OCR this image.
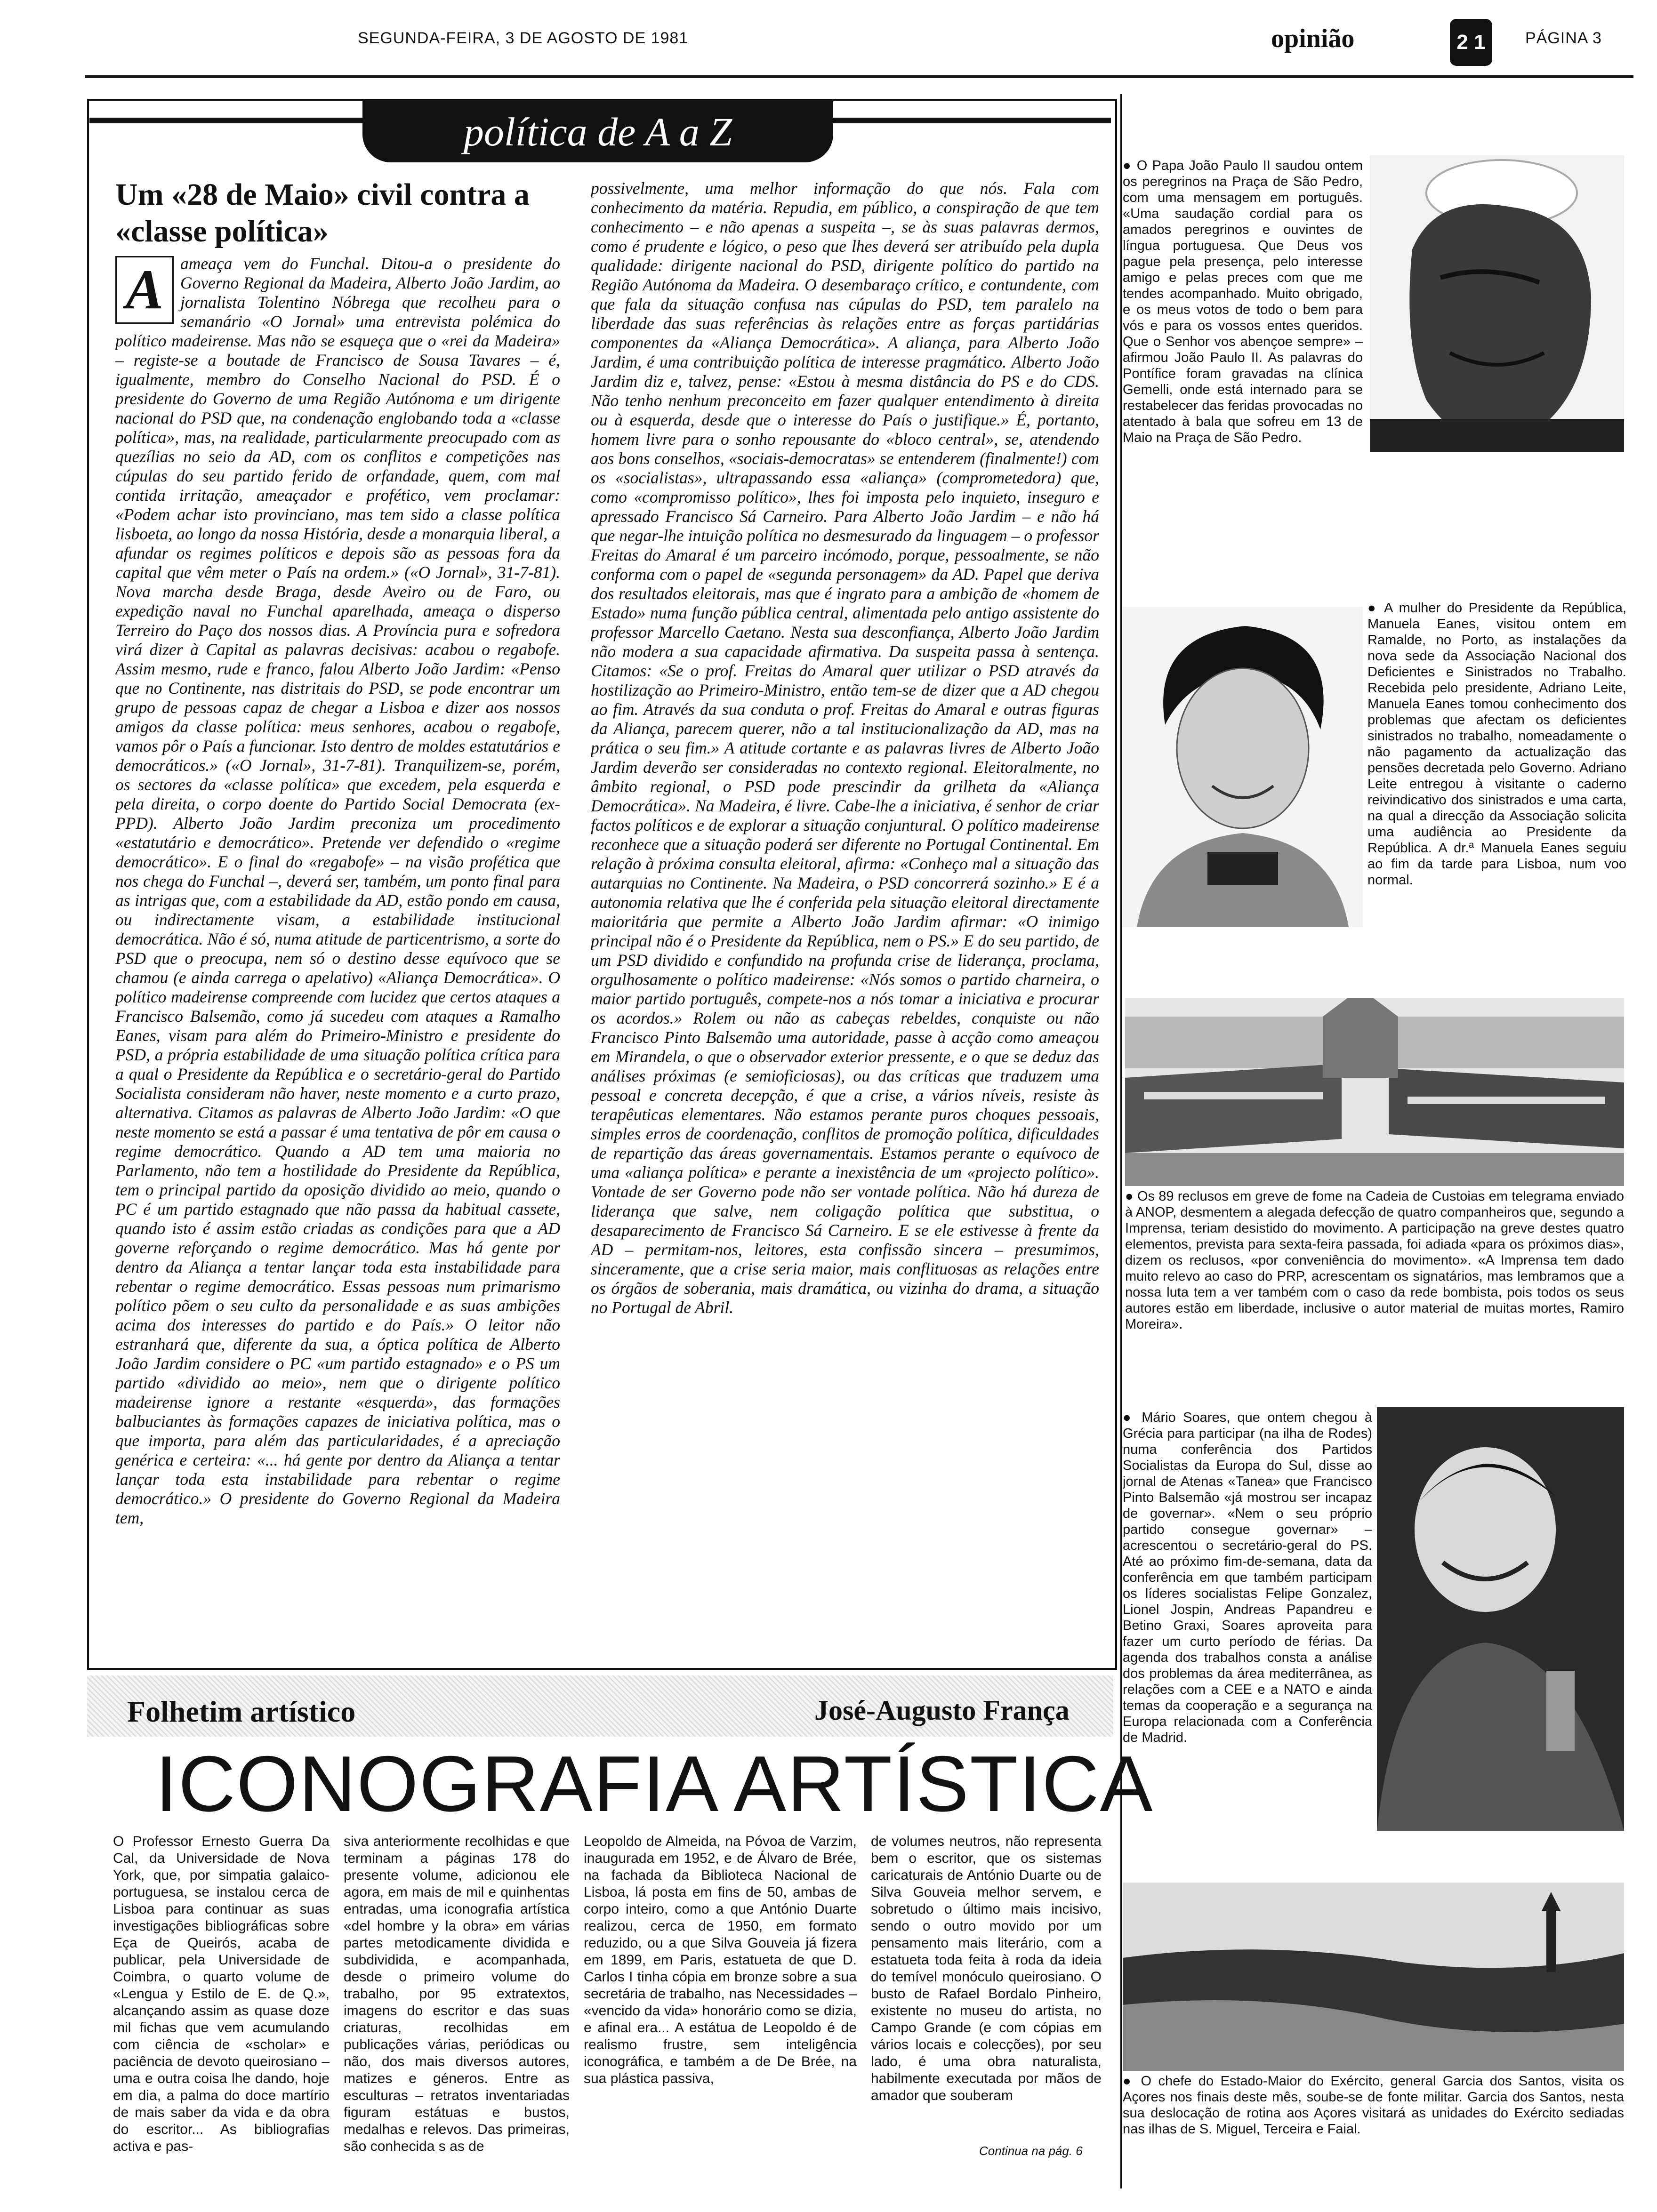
SEGUNDA-FEIRA, 3 DE AGOSTO DE 1981	opinião	2 1	PÁGINA 3
política de A a Z
Um «28 de Maio» civil contra a «classe política»
A	ameaça vem do Funchal. Ditou-a o presidente do Governo Regional da Madeira, Alberto João Jardim, ao jornalista Tolentino Nóbrega que recolheu para o semanário «O Jornal» uma entrevista polémica do político madeirense. Mas não se esqueça que o «rei da Madeira» – registe-se a boutade de Francisco de Sousa Tavares – é, igualmente, membro do Conselho Nacional do PSD. É o presidente do Governo de uma Região Autónoma e um dirigente nacional do PSD que, na condenação englobando toda a «classe política», mas, na realidade, particularmente preocupado com as quezílias no seio da AD, com os conflitos e competições nas cúpulas do seu partido ferido de orfandade, quem, com mal contida irritação, ameaçador e profético, vem proclamar: «Podem achar isto provinciano, mas tem sido a classe política lisboeta, ao longo da nossa História, desde a monarquia liberal, a afundar os regimes políticos e depois são as pessoas fora da capital que vêm meter o País na ordem.» («O Jornal», 31-7-81). Nova marcha desde Braga, desde Aveiro ou de Faro, ou expedição naval no Funchal aparelhada, ameaça o disperso Terreiro do Paço dos nossos dias. A Província pura e sofredora virá dizer à Capital as palavras decisivas: acabou o regabofe. Assim mesmo, rude e franco, falou Alberto João Jardim: «Penso que no Continente, nas distritais do PSD, se pode encontrar um grupo de pessoas capaz de chegar a Lisboa e dizer aos nossos amigos da classe política: meus senhores, acabou o regabofe, vamos pôr o País a funcionar. Isto dentro de moldes estatutários e democráticos.» («O Jornal», 31-7-81). Tranquilizem-se, porém, os sectores da «classe política» que excedem, pela esquerda e pela direita, o corpo doente do Partido Social Democrata (ex-PPD). Alberto João Jardim preconiza um procedimento «estatutário e democrático». Pretende ver defendido o «regime democrático». E o final do «regabofe» – na visão profética que nos chega do Funchal –, deverá ser, também, um ponto final para as intrigas que, com a estabilidade da AD, estão pondo em causa, ou indirectamente visam, a estabilidade institucional democrática. Não é só, numa atitude de particentrismo, a sorte do PSD que o preocupa, nem só o destino desse equívoco que se chamou (e ainda carrega o apelativo) «Aliança Democrática». O político madeirense compreende com lucidez que certos ataques a Francisco Balsemão, como já sucedeu com ataques a Ramalho Eanes, visam para além do Primeiro-Ministro e presidente do PSD, a própria estabilidade de uma situação política crítica para a qual o Presidente da República e o secretário-geral do Partido Socialista consideram não haver, neste momento e a curto prazo, alternativa. Citamos as palavras de Alberto João Jardim: «O que neste momento se está a passar é uma tentativa de pôr em causa o regime democrático. Quando a AD tem uma maioria no Parlamento, não tem a hostilidade do Presidente da República, tem o principal partido da oposição dividido ao meio, quando o PC é um partido estagnado que não passa da habitual cassete, quando isto é assim estão criadas as condições para que a AD governe reforçando o regime democrático. Mas há gente por dentro da Aliança a tentar lançar toda esta instabilidade para rebentar o regime democrático. Essas pessoas num primarismo político põem o seu culto da personalidade e as suas ambições acima dos interesses do partido e do País.» O leitor não estranhará que, diferente da sua, a óptica política de Alberto João Jardim considere o PC «um partido estagnado» e o PS um partido «dividido ao meio», nem que o dirigente político madeirense ignore a restante «esquerda», das formações balbuciantes às formações capazes de iniciativa política, mas o que importa, para além das particularidades, é a apreciação genérica e certeira: «... há gente por dentro da Aliança a tentar lançar toda esta instabilidade para rebentar o regime democrático.» O presidente do Governo Regional da Madeira tem,
possivelmente, uma melhor informação do que nós. Fala com conhecimento da matéria. Repudia, em público, a conspiração de que tem conhecimento – e não apenas a suspeita –, se às suas palavras dermos, como é prudente e lógico, o peso que lhes deverá ser atribuído pela dupla qualidade: dirigente nacional do PSD, dirigente político do partido na Região Autónoma da Madeira. O desembaraço crítico, e contundente, com que fala da situação confusa nas cúpulas do PSD, tem paralelo na liberdade das suas referências às relações entre as forças partidárias componentes da «Aliança Democrática». A aliança, para Alberto João Jardim, é uma contribuição política de interesse pragmático. Alberto João Jardim diz e, talvez, pense: «Estou à mesma distância do PS e do CDS. Não tenho nenhum preconceito em fazer qualquer entendimento à direita ou à esquerda, desde que o interesse do País o justifique.» É, portanto, homem livre para o sonho repousante do «bloco central», se, atendendo aos bons conselhos, «sociais-democratas» se entenderem (finalmente!) com os «socialistas», ultrapassando essa «aliança» (comprometedora) que, como «compromisso político», lhes foi imposta pelo inquieto, inseguro e apressado Francisco Sá Carneiro. Para Alberto João Jardim – e não há que negar-lhe intuição política no desmesurado da linguagem – o professor Freitas do Amaral é um parceiro incómodo, porque, pessoalmente, se não conforma com o papel de «segunda personagem» da AD. Papel que deriva dos resultados eleitorais, mas que é ingrato para a ambição de «homem de Estado» numa função pública central, alimentada pelo antigo assistente do professor Marcello Caetano. Nesta sua desconfiança, Alberto João Jardim não modera a sua capacidade afirmativa. Da suspeita passa à sentença. Citamos: «Se o prof. Freitas do Amaral quer utilizar o PSD através da hostilização ao Primeiro-Ministro, então tem-se de dizer que a AD chegou ao fim. Através da sua conduta o prof. Freitas do Amaral e outras figuras da Aliança, parecem querer, não a tal institucionalização da AD, mas na prática o seu fim.» A atitude cortante e as palavras livres de Alberto João Jardim deverão ser consideradas no contexto regional. Eleitoralmente, no âmbito regional, o PSD pode prescindir da grilheta da «Aliança Democrática». Na Madeira, é livre. Cabe-lhe a iniciativa, é senhor de criar factos políticos e de explorar a situação conjuntural. O político madeirense reconhece que a situação poderá ser diferente no Portugal Continental. Em relação à próxima consulta eleitoral, afirma: «Conheço mal a situação das autarquias no Continente. Na Madeira, o PSD concorrerá sozinho.» E é a autonomia relativa que lhe é conferida pela situação eleitoral directamente maioritária que permite a Alberto João Jardim afirmar: «O inimigo principal não é o Presidente da República, nem o PS.» E do seu partido, de um PSD dividido e confundido na profunda crise de liderança, proclama, orgulhosamente o político madeirense: «Nós somos o partido charneira, o maior partido português, compete-nos a nós tomar a iniciativa e procurar os acordos.» Rolem ou não as cabeças rebeldes, conquiste ou não Francisco Pinto Balsemão uma autoridade, passe à acção como ameaçou em Mirandela, o que o observador exterior pressente, e o que se deduz das análises próximas (e semioficiosas), ou das críticas que traduzem uma pessoal e concreta decepção, é que a crise, a vários níveis, resiste às terapêuticas elementares. Não estamos perante puros choques pessoais, simples erros de coordenação, conflitos de promoção política, dificuldades de repartição das áreas governamentais. Estamos perante o equívoco de uma «aliança política» e perante a inexistência de um «projecto político». Vontade de ser Governo pode não ser vontade política. Não há dureza de liderança que salve, nem coligação política que substitua, o desaparecimento de Francisco Sá Carneiro. E se ele estivesse à frente da AD – permitam-nos, leitores, esta confissão sincera – presumimos, sinceramente, que a crise seria maior, mais conflituosas as relações entre os órgãos de soberania, mais dramática, ou vizinha do drama, a situação no Portugal de Abril.
● O Papa João Paulo II saudou ontem os peregrinos na Praça de São Pedro, com uma mensagem em português. «Uma saudação cordial para os amados peregrinos e ouvintes de língua portuguesa. Que Deus vos pague pela presença, pelo interesse amigo e pelas preces com que me tendes acompanhado. Muito obrigado, e os meus votos de todo o bem para vós e para os vossos entes queridos. Que o Senhor vos abençoe sempre» – afirmou João Paulo II. As palavras do Pontífice foram gravadas na clínica Gemelli, onde está internado para se restabelecer das feridas provocadas no atentado à bala que sofreu em 13 de Maio na Praça de São Pedro.
● A mulher do Presidente da República, Manuela Eanes, visitou ontem em Ramalde, no Porto, as instalações da nova sede da Associação Nacional dos Deficientes e Sinistrados no Trabalho. Recebida pelo presidente, Adriano Leite, Manuela Eanes tomou conhecimento dos problemas que afectam os deficientes sinistrados no trabalho, nomeadamente o não pagamento da actualização das pensões decretada pelo Governo. Adriano Leite entregou à visitante o caderno reivindicativo dos sinistrados e uma carta, na qual a direcção da Associação solicita uma audiência ao Presidente da República. A dr.ª Manuela Eanes seguiu ao fim da tarde para Lisboa, num voo normal.
● Os 89 reclusos em greve de fome na Cadeia de Custoias em telegrama enviado à ANOP, desmentem a alegada defecção de quatro companheiros que, segundo a Imprensa, teriam desistido do movimento. A participação na greve destes quatro elementos, prevista para sexta-feira passada, foi adiada «para os próximos dias», dizem os reclusos, «por conveniência do movimento». «A Imprensa tem dado muito relevo ao caso do PRP, acrescentam os signatários, mas lembramos que a nossa luta tem a ver também com o caso da rede bombista, pois todos os seus autores estão em liberdade, inclusive o autor material de muitas mortes, Ramiro Moreira».
● Mário Soares, que ontem chegou à Grécia para participar (na ilha de Rodes) numa conferência dos Partidos Socialistas da Europa do Sul, disse ao jornal de Atenas «Tanea» que Francisco Pinto Balsemão «já mostrou ser incapaz de governar». «Nem o seu próprio partido consegue governar» – acrescentou o secretário-geral do PS. Até ao próximo fim-de-semana, data da conferência em que também participam os líderes socialistas Felipe Gonzalez, Lionel Jospin, Andreas Papandreu e Betino Graxi, Soares aproveita para fazer um curto período de férias. Da agenda dos trabalhos consta a análise dos problemas da área mediterrânea, as relações com a CEE e a NATO e ainda temas da cooperação e a segurança na Europa relacionada com a Conferência de Madrid.
● O chefe do Estado-Maior do Exército, general Garcia dos Santos, visita os Açores nos finais deste mês, soube-se de fonte militar. Garcia dos Santos, nesta sua deslocação de rotina aos Açores visitará as unidades do Exército sediadas nas ilhas de S. Miguel, Terceira e Faial.
Folhetim artístico	José-Augusto França
ICONOGRAFIA ARTÍSTICA
O Professor Ernesto Guerra Da Cal, da Universidade de Nova York, que, por simpatia galaico-portuguesa, se instalou cerca de Lisboa para continuar as suas investigações bibliográficas sobre Eça de Queirós, acaba de publicar, pela Universidade de Coimbra, o quarto volume de «Lengua y Estilo de E. de Q.», alcançando assim as quase doze mil fichas que vem acumulando com ciência de «scholar» e paciência de devoto queirosiano – uma e outra coisa lhe dando, hoje em dia, a palma do doce martírio de mais saber da vida e da obra do escritor... As bibliografias activa e pas-
siva anteriormente recolhidas e que terminam a páginas 178 do presente volume, adicionou ele agora, em mais de mil e quinhentas entradas, uma iconografia artística «del hombre y la obra» em várias partes metodicamente dividida e subdividida, e acompanhada, desde o primeiro volume do trabalho, por 95 extratextos, imagens do escritor e das suas criaturas, recolhidas em publicações várias, periódicas ou não, dos mais diversos autores, matizes e géneros. Entre as esculturas – retratos inventariadas figuram estátuas e bustos, medalhas e relevos. Das primeiras, são conhecida s as de
Leopoldo de Almeida, na Póvoa de Varzim, inaugurada em 1952, e de Álvaro de Brée, na fachada da Biblioteca Nacional de Lisboa, lá posta em fins de 50, ambas de corpo inteiro, como a que António Duarte realizou, cerca de 1950, em formato reduzido, ou a que Silva Gouveia já fizera em 1899, em Paris, estatueta de que D. Carlos I tinha cópia em bronze sobre a sua secretária de trabalho, nas Necessidades – «vencido da vida» honorário como se dizia, e afinal era... A estátua de Leopoldo é de realismo frustre, sem inteligência iconográfica, e também a de De Brée, na sua plástica passiva,
de volumes neutros, não representa bem o escritor, que os sistemas caricaturais de António Duarte ou de Silva Gouveia melhor servem, e sobretudo o último mais incisivo, sendo o outro movido por um pensamento mais literário, com a estatueta toda feita à roda da ideia do temível monóculo queirosiano. O busto de Rafael Bordalo Pinheiro, existente no museu do artista, no Campo Grande (e com cópias em vários locais e colecções), por seu lado, é uma obra naturalista, habilmente executada por mãos de amador que souberam
Continua na pág. 6
